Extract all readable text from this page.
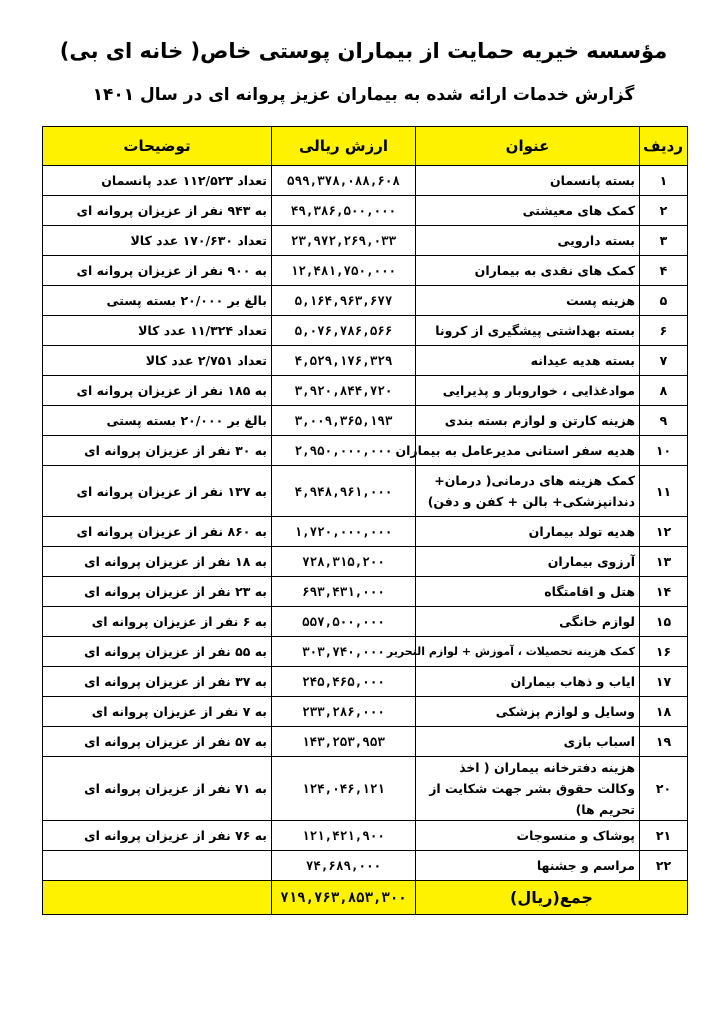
مؤسسه خیریه حمایت از بیماران پوستی خاص( خانه ای بی)
گزارش خدمات ارائه شده به بیماران عزیز پروانه ای در سال ۱۴۰۱
ردیف	عنوان	ارزش ریالی	توضیحات
۱	بسته پانسمان	۵۹۹,۳۷۸,۰۸۸,۶۰۸	تعداد ۱۱۲/۵۲۳ عدد پانسمان
۲	کمک های معیشتی	۴۹,۳۸۶,۵۰۰,۰۰۰	به ۹۴۳ نفر از عزیزان پروانه ای
۳	بسته دارویی	۲۳,۹۷۲,۲۶۹,۰۳۳	تعداد ۱۷۰/۶۳۰ عدد کالا
۴	کمک های نقدی به بیماران	۱۲,۴۸۱,۷۵۰,۰۰۰	به ۹۰۰ نفر از عزیزان پروانه ای
۵	هزینه پست	۵,۱۶۴,۹۶۳,۶۷۷	بالغ بر ۲۰/۰۰۰ بسته پستی
۶	بسته بهداشتی پیشگیری از کرونا	۵,۰۷۶,۷۸۶,۵۶۶	تعداد ۱۱/۳۲۴ عدد کالا
۷	بسته هدیه عیدانه	۴,۵۲۹,۱۷۶,۳۲۹	تعداد ۲/۷۵۱ عدد کالا
۸	موادغذایی ، خواروبار و پذیرایی	۳,۹۲۰,۸۴۴,۷۲۰	به ۱۸۵ نفر از عزیزان پروانه ای
۹	هزینه کارتن و لوازم بسته بندی	۳,۰۰۹,۳۶۵,۱۹۳	بالغ بر ۲۰/۰۰۰ بسته پستی
۱۰	هدیه سفر استانی مدیرعامل به بیماران	۲,۹۵۰,۰۰۰,۰۰۰	به ۳۰ نفر از عزیزان پروانه ای
۱۱	کمک هزینه های درمانی( درمان+ دندانپزشکی+ بالن + کفن و دفن)	۴,۹۴۸,۹۶۱,۰۰۰	به ۱۳۷ نفر از عزیزان پروانه ای
۱۲	هدیه تولد بیماران	۱,۷۲۰,۰۰۰,۰۰۰	به ۸۶۰ نفر از عزیزان پروانه ای
۱۳	آرزوی بیماران	۷۲۸,۳۱۵,۲۰۰	به ۱۸ نفر از عزیزان پروانه ای
۱۴	هتل و اقامتگاه	۶۹۳,۴۳۱,۰۰۰	به ۲۳ نفر از عزیزان پروانه ای
۱۵	لوازم خانگی	۵۵۷,۵۰۰,۰۰۰	به ۶ نفر از عزیزان پروانه ای
۱۶	کمک هزینه تحصیلات ، آموزش + لوازم التحریر	۳۰۳,۷۴۰,۰۰۰	به ۵۵ نفر از عزیزان پروانه ای
۱۷	ایاب و ذهاب بیماران	۲۴۵,۴۶۵,۰۰۰	به ۳۷ نفر از عزیزان پروانه ای
۱۸	وسایل و لوازم پزشکی	۲۳۳,۲۸۶,۰۰۰	به ۷ نفر از عزیزان پروانه ای
۱۹	اسباب بازی	۱۴۳,۲۵۳,۹۵۳	به ۵۷ نفر از عزیزان پروانه ای
۲۰	هزینه دفترخانه بیماران ( اخذ وکالت حقوق بشر جهت شکایت از تحریم ها)	۱۲۴,۰۴۶,۱۲۱	به ۷۱ نفر از عزیزان پروانه ای
۲۱	پوشاک و منسوجات	۱۲۱,۴۲۱,۹۰۰	به ۷۶ نفر از عزیزان پروانه ای
۲۲	مراسم و جشنها	۷۴,۶۸۹,۰۰۰	
جمع(ریال)		۷۱۹,۷۶۳,۸۵۳,۳۰۰	
